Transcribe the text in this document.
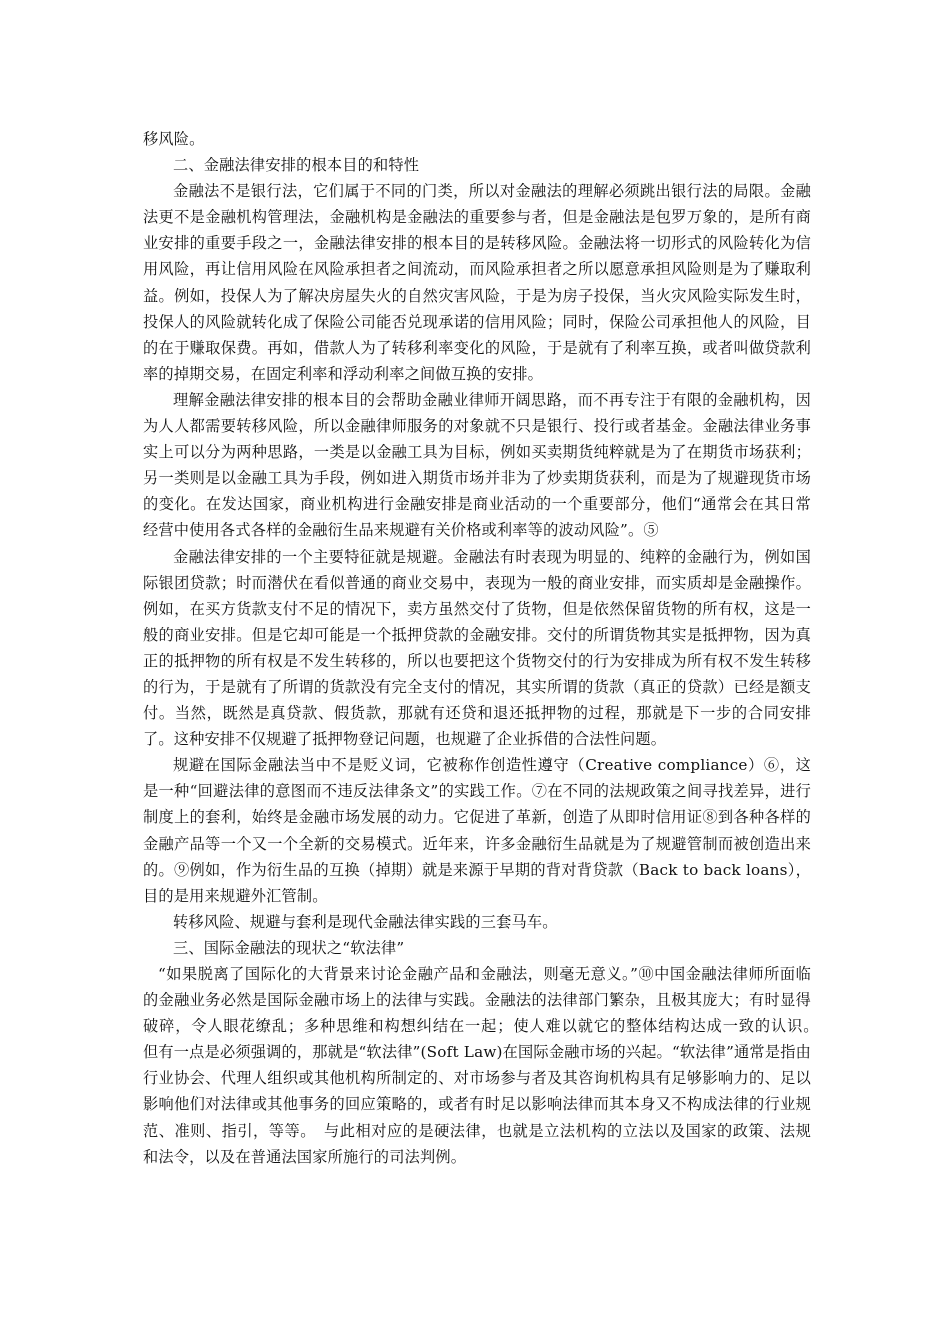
移风险。

二、金融法律安排的根本目的和特性

金融法不是银行法，它们属于不同的门类，所以对金融法的理解必须跳出银行法的局限。金融法更不是金融机构管理法，金融机构是金融法的重要参与者，但是金融法是包罗万象的，是所有商业安排的重要手段之一，金融法律安排的根本目的是转移风险。金融法将一切形式的风险转化为信用风险，再让信用风险在风险承担者之间流动，而风险承担者之所以愿意承担风险则是为了赚取利益。例如，投保人为了解决房屋失火的自然灾害风险，于是为房子投保，当火灾风险实际发生时，投保人的风险就转化成了保险公司能否兑现承诺的信用风险；同时，保险公司承担他人的风险，目的在于赚取保费。再如，借款人为了转移利率变化的风险，于是就有了利率互换，或者叫做贷款利率的掉期交易，在固定利率和浮动利率之间做互换的安排。

理解金融法律安排的根本目的会帮助金融业律师开阔思路，而不再专注于有限的金融机构，因为人人都需要转移风险，所以金融律师服务的对象就不只是银行、投行或者基金。金融法律业务事实上可以分为两种思路，一类是以金融工具为目标，例如买卖期货纯粹就是为了在期货市场获利；另一类则是以金融工具为手段，例如进入期货市场并非为了炒卖期货获利，而是为了规避现货市场的变化。在发达国家，商业机构进行金融安排是商业活动的一个重要部分，他们“通常会在其日常经营中使用各式各样的金融衍生品来规避有关价格或利率等的波动风险”。⑤

金融法律安排的一个主要特征就是规避。金融法有时表现为明显的、纯粹的金融行为，例如国际银团贷款；时而潜伏在看似普通的商业交易中，表现为一般的商业安排，而实质却是金融操作。例如，在买方货款支付不足的情况下，卖方虽然交付了货物，但是依然保留货物的所有权，这是一般的商业安排。但是它却可能是一个抵押贷款的金融安排。交付的所谓货物其实是抵押物，因为真正的抵押物的所有权是不发生转移的，所以也要把这个货物交付的行为安排成为所有权不发生转移的行为，于是就有了所谓的货款没有完全支付的情况，其实所谓的货款（真正的贷款）已经是额支付。当然，既然是真贷款、假货款，那就有还贷和退还抵押物的过程，那就是下一步的合同安排了。这种安排不仅规避了抵押物登记问题，也规避了企业拆借的合法性问题。

规避在国际金融法当中不是贬义词，它被称作创造性遵守（Creative compliance）⑥，这是一种“回避法律的意图而不违反法律条文”的实践工作。⑦在不同的法规政策之间寻找差异，进行制度上的套利，始终是金融市场发展的动力。它促进了革新，创造了从即时信用证⑧到各种各样的金融产品等一个又一个全新的交易模式。近年来，许多金融衍生品就是为了规避管制而被创造出来的。⑨例如，作为衍生品的互换（掉期）就是来源于早期的背对背贷款（Back to back loans），目的是用来规避外汇管制。

转移风险、规避与套利是现代金融法律实践的三套马车。

三、国际金融法的现状之“软法律”

“如果脱离了国际化的大背景来讨论金融产品和金融法，则毫无意义。”⑩中国金融法律师所面临的金融业务必然是国际金融市场上的法律与实践。金融法的法律部门繁杂，且极其庞大；有时显得破碎，令人眼花缭乱；多种思维和构想纠结在一起；使人难以就它的整体结构达成一致的认识。　但有一点是必须强调的，那就是“软法律”(Soft Law)在国际金融市场的兴起。“软法律”通常是指由行业协会、代理人组织或其他机构所制定的、对市场参与者及其咨询机构具有足够影响力的、足以影响他们对法律或其他事务的回应策略的，或者有时足以影响法律而其本身又不构成法律的行业规范、准则、指引，等等。　与此相对应的是硬法律，也就是立法机构的立法以及国家的政策、法规和法令，以及在普通法国家所施行的司法判例。
